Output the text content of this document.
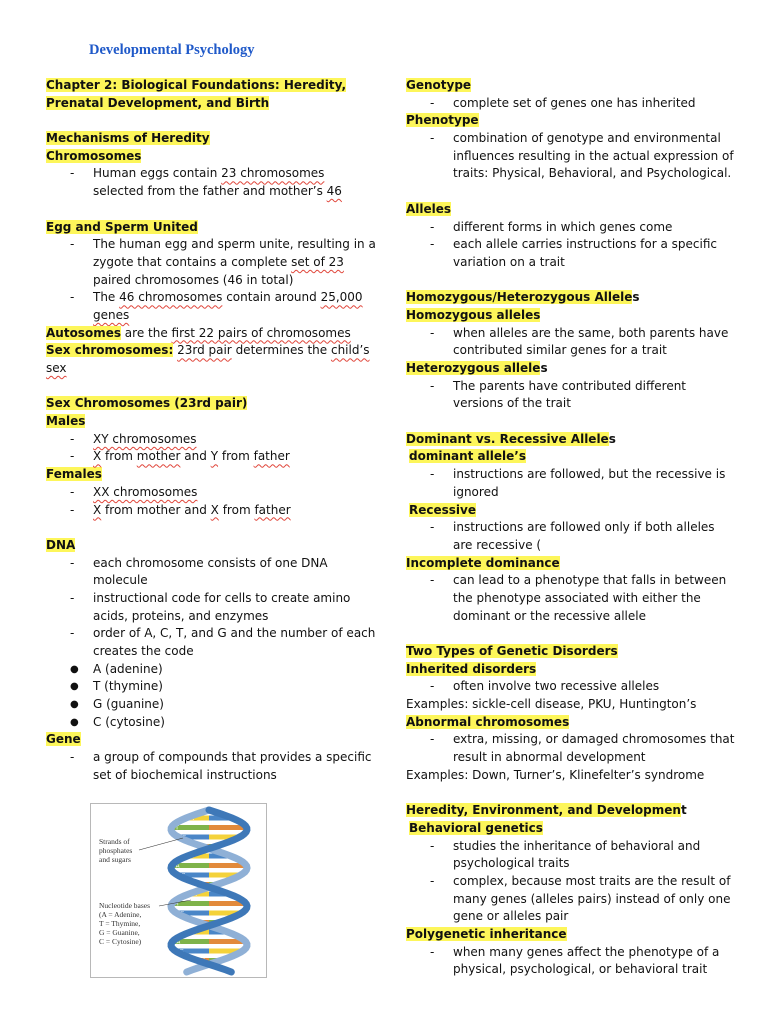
Developmental Psychology
Chapter 2: Biological Foundations: Heredity,
Prenatal Development, and Birth
Mechanisms of Heredity
Chromosomes
- Human eggs contain 23 chromosomes
selected from the father and mother’s 46
Egg and Sperm United
- The human egg and sperm unite, resulting in a
zygote that contains a complete set of 23
paired chromosomes (46 in total)
- The 46 chromosomes contain around 25,000
genes
Autosomes are the first 22 pairs of chromosomes
Sex chromosomes: 23rd pair determines the child’s
sex
Sex Chromosomes (23rd pair)
Males
- XY chromosomes
- X from mother and Y from father
Females
- XX chromosomes
- X from mother and X from father
DNA
- each chromosome consists of one DNA
molecule
- instructional code for cells to create amino
acids, proteins, and enzymes
- order of A, C, T, and G and the number of each
creates the code
● A (adenine)
● T (thymine)
● G (guanine)
● C (cytosine)
Gene
- a group of compounds that provides a specific
set of biochemical instructions
Genotype
- complete set of genes one has inherited
Phenotype
- combination of genotype and environmental
influences resulting in the actual expression of
traits: Physical, Behavioral, and Psychological.
Alleles
- different forms in which genes come
- each allele carries instructions for a specific
variation on a trait
Homozygous/Heterozygous Alleles
Homozygous alleles
- when alleles are the same, both parents have
contributed similar genes for a trait
Heterozygous alleles
- The parents have contributed different
versions of the trait
Dominant vs. Recessive Alleles
dominant allele’s
- instructions are followed, but the recessive is
ignored
Recessive
- instructions are followed only if both alleles
are recessive (
Incomplete dominance
- can lead to a phenotype that falls in between
the phenotype associated with either the
dominant or the recessive allele
Two Types of Genetic Disorders
Inherited disorders
- often involve two recessive alleles
Examples: sickle-cell disease, PKU, Huntington’s
Abnormal chromosomes
- extra, missing, or damaged chromosomes that
result in abnormal development
Examples: Down, Turner’s, Klinefelter’s syndrome
Heredity, Environment, and Development
Behavioral genetics
- studies the inheritance of behavioral and
psychological traits
- complex, because most traits are the result of
many genes (alleles pairs) instead of only one
gene or alleles pair
Polygenetic inheritance
- when many genes affect the phenotype of a
physical, psychological, or behavioral trait
A
T
C
T
A
G
A
T
C
T
A
G
C
Strands of
phosphates
and sugars
Nucleotide bases
(A = Adenine,
T = Thymine,
G = Guanine,
C = Cytosine)
